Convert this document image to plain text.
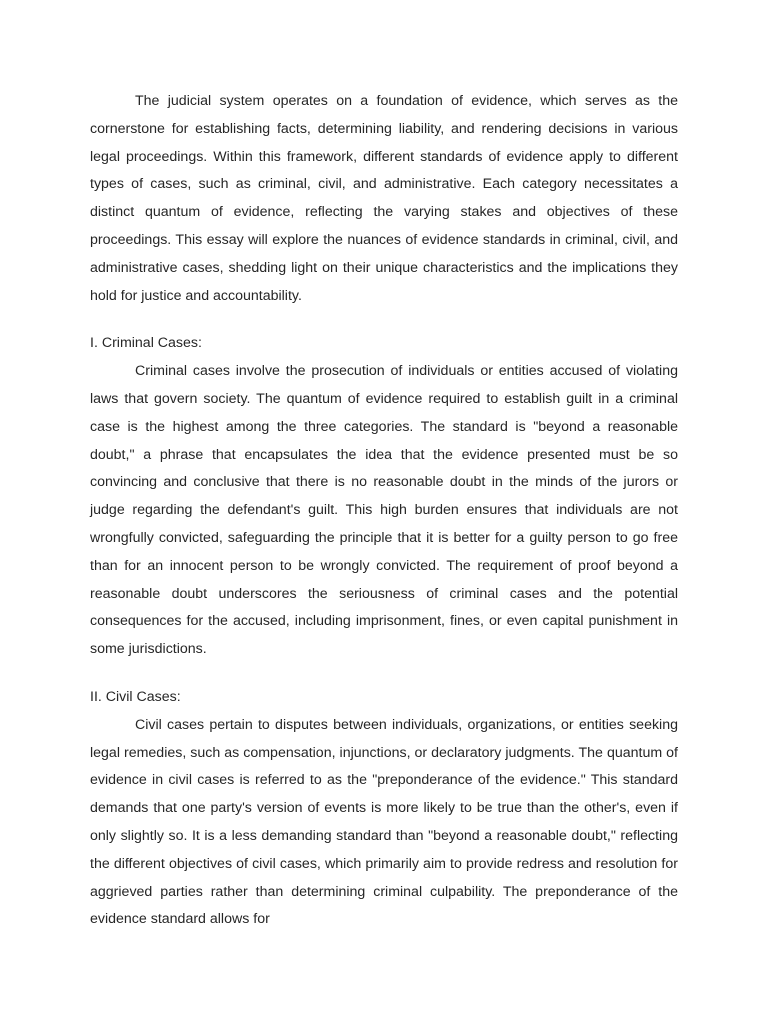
The judicial system operates on a foundation of evidence, which serves as the cornerstone for establishing facts, determining liability, and rendering decisions in various legal proceedings. Within this framework, different standards of evidence apply to different types of cases, such as criminal, civil, and administrative. Each category necessitates a distinct quantum of evidence, reflecting the varying stakes and objectives of these proceedings. This essay will explore the nuances of evidence standards in criminal, civil, and administrative cases, shedding light on their unique characteristics and the implications they hold for justice and accountability.

I. Criminal Cases:

Criminal cases involve the prosecution of individuals or entities accused of violating laws that govern society. The quantum of evidence required to establish guilt in a criminal case is the highest among the three categories. The standard is "beyond a reasonable doubt," a phrase that encapsulates the idea that the evidence presented must be so convincing and conclusive that there is no reasonable doubt in the minds of the jurors or judge regarding the defendant's guilt. This high burden ensures that individuals are not wrongfully convicted, safeguarding the principle that it is better for a guilty person to go free than for an innocent person to be wrongly convicted. The requirement of proof beyond a reasonable doubt underscores the seriousness of criminal cases and the potential consequences for the accused, including imprisonment, fines, or even capital punishment in some jurisdictions.

II. Civil Cases:

Civil cases pertain to disputes between individuals, organizations, or entities seeking legal remedies, such as compensation, injunctions, or declaratory judgments. The quantum of evidence in civil cases is referred to as the "preponderance of the evidence." This standard demands that one party's version of events is more likely to be true than the other's, even if only slightly so. It is a less demanding standard than "beyond a reasonable doubt," reflecting the different objectives of civil cases, which primarily aim to provide redress and resolution for aggrieved parties rather than determining criminal culpability. The preponderance of the evidence standard allows for
